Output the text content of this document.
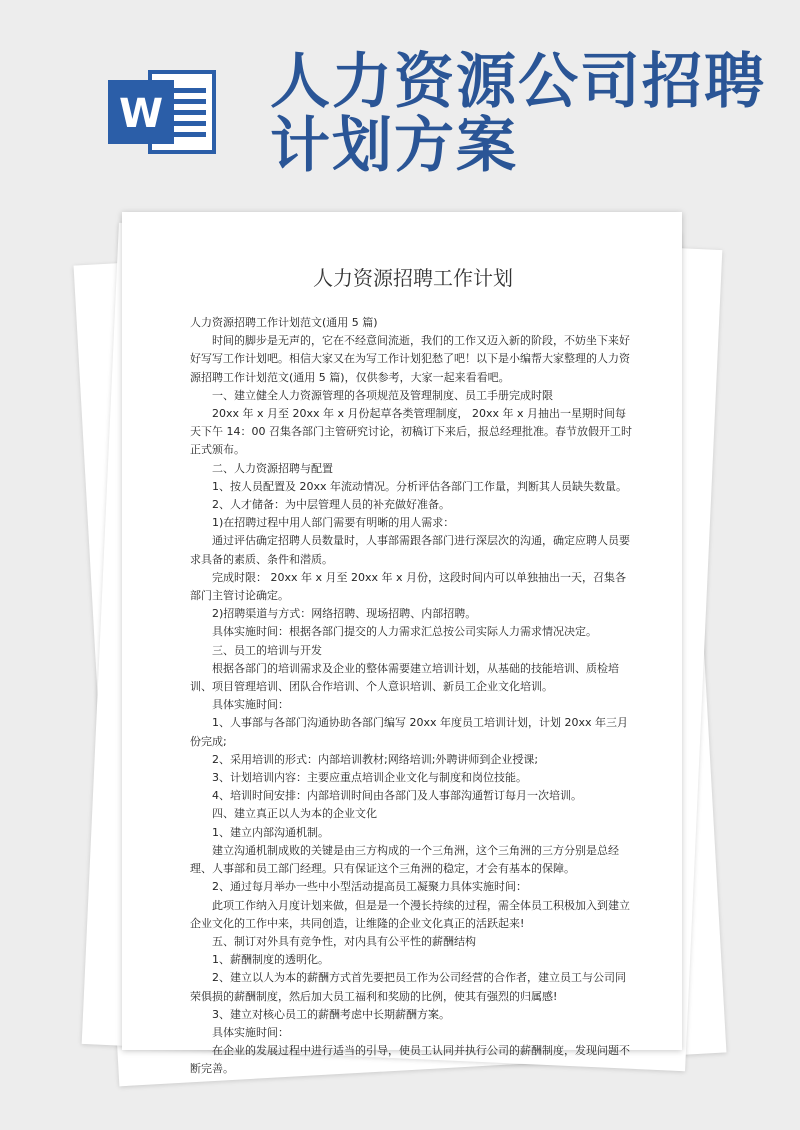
W 人力资源公司招聘
计划方案
人力资源招聘工作计划

人力资源招聘工作计划范文(通用 5 篇)

时间的脚步是无声的，它在不经意间流逝，我们的工作又迈入新的阶段，不妨坐下来好好写写工作计划吧。相信大家又在为写工作计划犯愁了吧！以下是小编帮大家整理的人力资源招聘工作计划范文(通用 5 篇)，仅供参考，大家一起来看看吧。

一、建立健全人力资源管理的各项规范及管理制度、员工手册完成时限

20xx 年 x 月至 20xx 年 x 月份起草各类管理制度， 20xx 年 x 月抽出一星期时间每天下午 14：00 召集各部门主管研究讨论，初稿订下来后，报总经理批准。春节放假开工时正式颁布。

二、人力资源招聘与配置

1、按人员配置及 20xx 年流动情况。分析评估各部门工作量，判断其人员缺失数量。

2、人才储备：为中层管理人员的补充做好准备。

1)在招聘过程中用人部门需要有明晰的用人需求：

通过评估确定招聘人员数量时，人事部需跟各部门进行深层次的沟通，确定应聘人员要求具备的素质、条件和潜质。

完成时限： 20xx 年 x 月至 20xx 年 x 月份，这段时间内可以单独抽出一天，召集各部门主管讨论确定。

2)招聘渠道与方式：网络招聘、现场招聘、内部招聘。

具体实施时间：根据各部门提交的人力需求汇总按公司实际人力需求情况决定。

三、员工的培训与开发

根据各部门的培训需求及企业的整体需要建立培训计划，从基础的技能培训、质检培训、项目管理培训、团队合作培训、个人意识培训、新员工企业文化培训。

具体实施时间：

1、人事部与各部门沟通协助各部门编写 20xx 年度员工培训计划，计划 20xx 年三月份完成;

2、采用培训的形式：内部培训教材;网络培训;外聘讲师到企业授课;

3、计划培训内容：主要应重点培训企业文化与制度和岗位技能。

4、培训时间安排：内部培训时间由各部门及人事部沟通暂订每月一次培训。

四、建立真正以人为本的企业文化

1、建立内部沟通机制。

建立沟通机制成败的关键是由三方构成的一个三角洲，这个三角洲的三方分别是总经理、人事部和员工部门经理。只有保证这个三角洲的稳定，才会有基本的保障。

2、通过每月举办一些中小型活动提高员工凝聚力具体实施时间：

此项工作纳入月度计划来做，但是是一个漫长持续的过程，需全体员工积极加入到建立企业文化的工作中来，共同创造，让维隆的企业文化真正的活跃起来!

五、制订对外具有竞争性，对内具有公平性的薪酬结构

1、薪酬制度的透明化。

2、建立以人为本的薪酬方式首先要把员工作为公司经营的合作者，建立员工与公司同荣俱损的薪酬制度，然后加大员工福利和奖励的比例，使其有强烈的归属感!

3、建立对核心员工的薪酬考虑中长期薪酬方案。

具体实施时间：

在企业的发展过程中进行适当的引导，使员工认同并执行公司的薪酬制度，发现问题不断完善。
